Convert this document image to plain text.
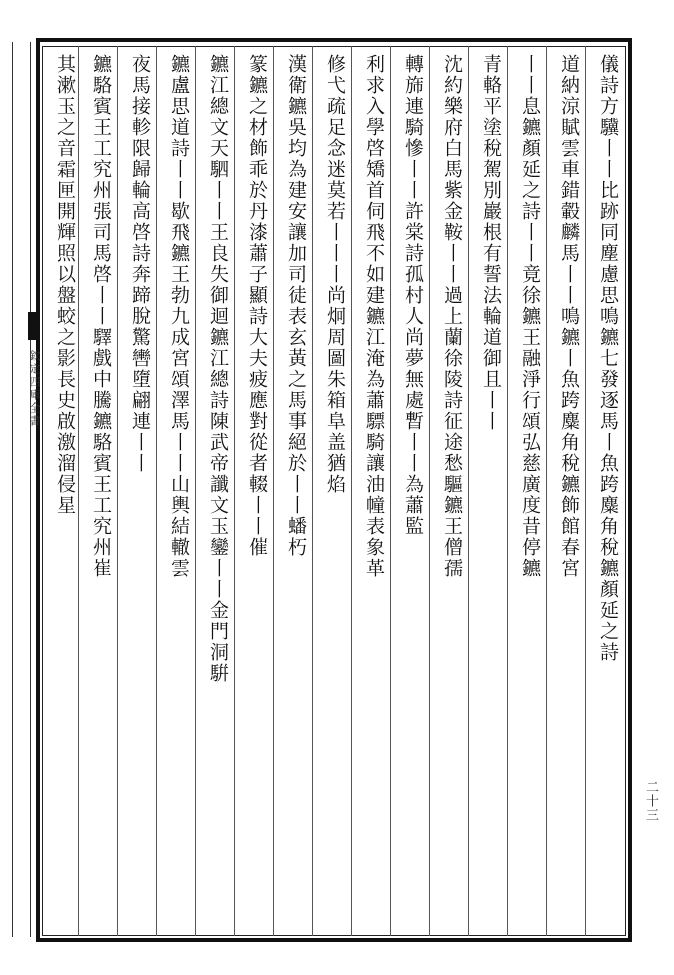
欽定四庫全書	儀詩方驥丨丨比跡同塵慮思鳴鑣七發逐馬丨魚跨麋角稅鑣顏延之詩
道納涼賦雲車錯轂麟馬丨丨鳴鑣丨魚跨麋角稅鑣飾館春宮
丨丨息鑣顏延之詩丨丨竟徐鑣王融淨行頌弘慈廣度昔停鑣
青輅平塗稅駕別巖根有誓法輪道御且丨丨
沈約樂府白馬紫金鞍丨丨過上蘭徐陵詩征途愁驅鑣王僧孺
轉旆連騎慘丨丨許棠詩孤村人尚夢無處暫丨丨為蕭監
利求入學啓矯首伺飛不如建鑣江淹為蕭驃騎讓油幢表象革
修弋疏足念迷莫若丨丨丨尚炯周圖朱箱阜盖猶焰
漢衛鑣吳均為建安讓加司徒表玄黃之馬事絕於丨丨蟠朽
篆鑣之材飾乖於丹漆蕭子顯詩大夫疲應對從者輟丨丨催
鑣江總文天駟丨丨王良失御迴鑣江總詩陳武帝讖文玉鑾丨丨金門洞騈
鑣盧思道詩丨丨歇飛鑣王勃九成宮頌澤馬丨丨山輿結轍雲
夜馬接軫限歸輪高啓詩奔蹄脫驚轡墮翩連丨丨
鑣駱賓王工究州張司馬啓丨丨驛戲中騰鑣駱賓王工究州崔
其漱玉之音霜匣開輝照以盤蛟之影長史啟激溜侵星
二十三
